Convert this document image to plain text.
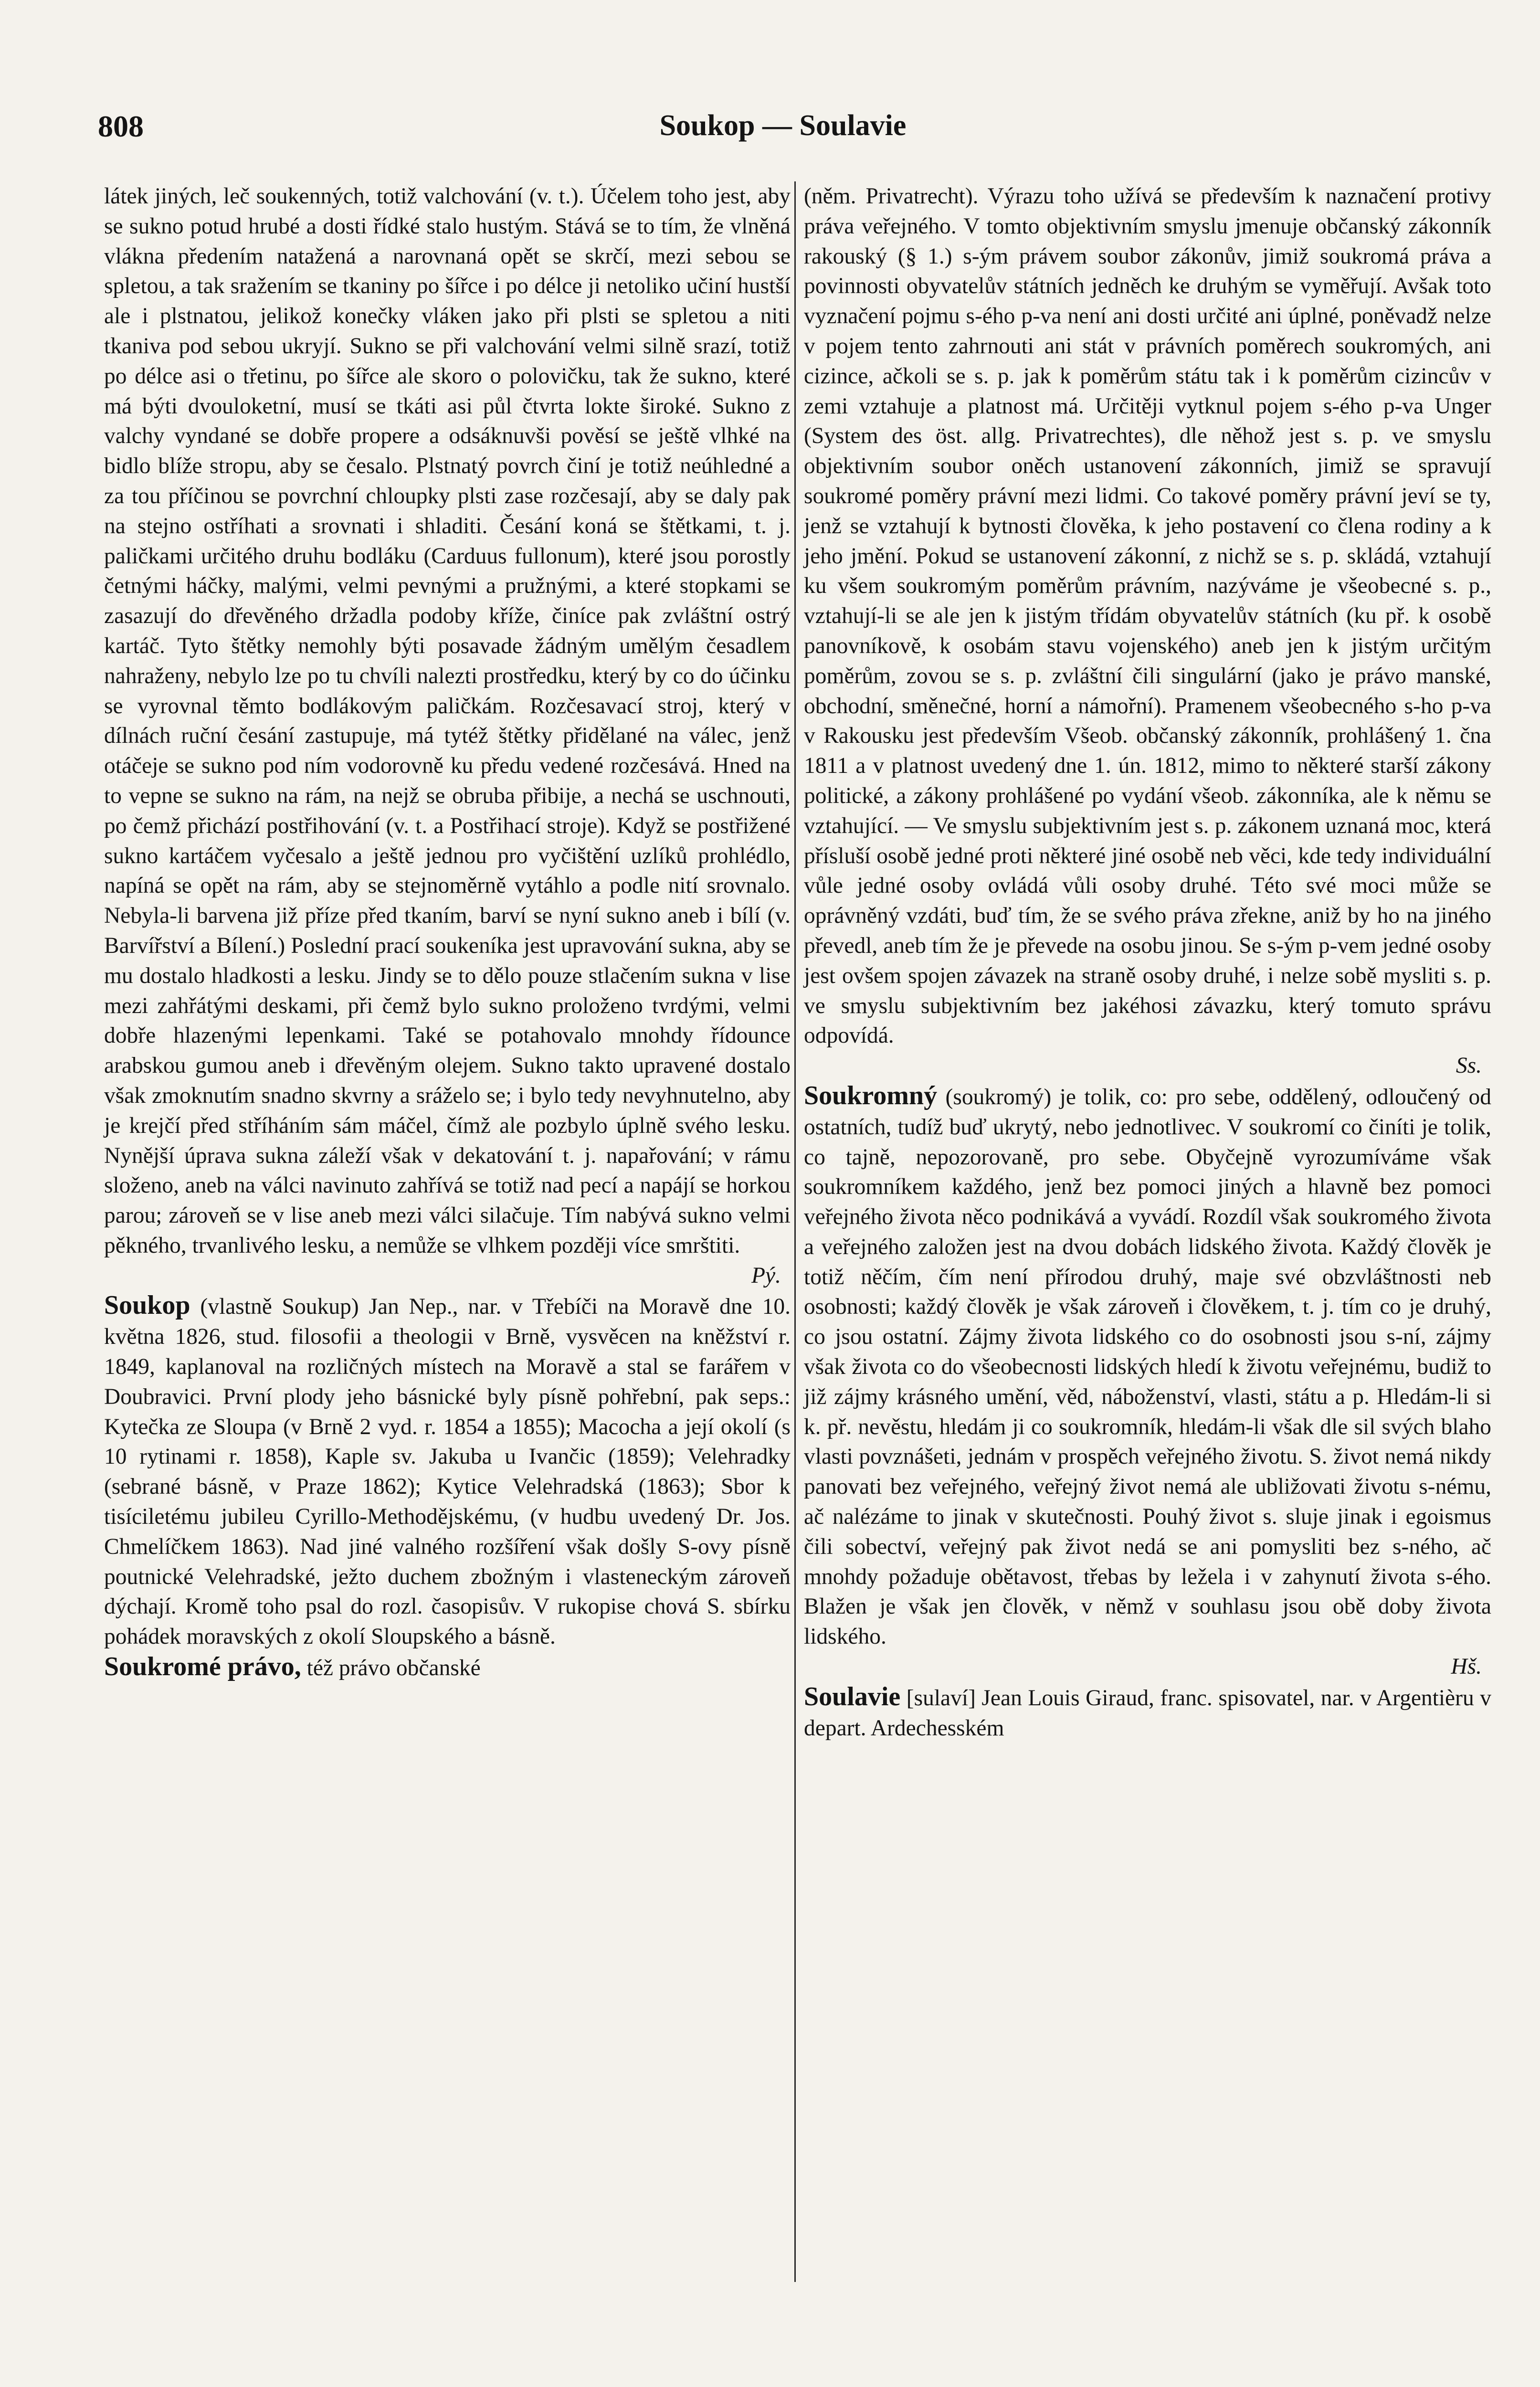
808	Soukop — Soulavie

látek jiných, leč soukenných, totiž valchování (v. t.). Účelem toho jest, aby se sukno potud hrubé a dosti řídké stalo hustým. Stává se to tím, že vlněná vlákna předením natažená a narovnaná opět se skrčí, mezi sebou se spletou, a tak sražením se tkaniny po šířce i po délce ji netoliko učiní hustší ale i plstnatou, jelikož konečky vláken jako při plsti se spletou a niti tkaniva pod sebou ukryjí. Sukno se při valchování velmi silně srazí, totiž po délce asi o třetinu, po šířce ale skoro o polovičku, tak že sukno, které má býti dvouloketní, musí se tkáti asi půl čtvrta lokte široké. Sukno z valchy vyndané se dobře propere a odsáknuvši pověsí se ještě vlhké na bidlo blíže stropu, aby se česalo. Plstnatý povrch činí je totiž neúhledné a za tou příčinou se povrchní chloupky plsti zase rozčesají, aby se daly pak na stejno ostříhati a srovnati i shladiti. Česání koná se štětkami, t. j. paličkami určitého druhu bodláku (Carduus fullonum), které jsou porostly četnými háčky, malými, velmi pevnými a pružnými, a které stopkami se zasazují do dřevěného držadla podoby kříže, činíce pak zvláštní ostrý kartáč. Tyto štětky nemohly býti posavade žádným umělým česadlem nahraženy, nebylo lze po tu chvíli nalezti prostředku, který by co do účinku se vyrovnal těmto bodlákovým paličkám. Rozčesavací stroj, který v dílnách ruční česání zastupuje, má tytéž štětky přidělané na válec, jenž otáčeje se sukno pod ním vodorovně ku předu vedené rozčesává. Hned na to vepne se sukno na rám, na nejž se obruba přibije, a nechá se uschnouti, po čemž přichází postřihování (v. t. a Postřihací stroje). Když se postřižené sukno kartáčem vyčesalo a ještě jednou pro vyčištění uzlíků prohlédlo, napíná se opět na rám, aby se stejnoměrně vytáhlo a podle nití srovnalo. Nebyla-li barvena již příze před tkaním, barví se nyní sukno aneb i bílí (v. Barvířství a Bílení.) Poslední prací soukeníka jest upravování sukna, aby se mu dostalo hladkosti a lesku. Jindy se to dělo pouze stlačením sukna v lise mezi zahřátými deskami, při čemž bylo sukno proloženo tvrdými, velmi dobře hlazenými lepenkami. Také se potahovalo mnohdy řídounce arabskou gumou aneb i dřevěným olejem. Sukno takto upravené dostalo však zmoknutím snadno skvrny a sráželo se; i bylo tedy nevyhnutelno, aby je krejčí před stříháním sám máčel, čímž ale pozbylo úplně svého lesku. Nynější úprava sukna záleží však v dekatování t. j. napařování; v rámu složeno, aneb na válci navinuto zahřívá se totiž nad pecí a napájí se horkou parou; zároveň se v lise aneb mezi válci silačuje. Tím nabývá sukno velmi pěkného, trvanlivého lesku, a nemůže se vlhkem později více smrštiti.
Pý.

Soukop (vlastně Soukup) Jan Nep., nar. v Třebíči na Moravě dne 10. května 1826, stud. filosofii a theologii v Brně, vysvěcen na kněžství r. 1849, kaplanoval na rozličných místech na Moravě a stal se farářem v Doubravici. První plody jeho básnické byly písně pohřební, pak seps.: Kytečka ze Sloupa (v Brně 2 vyd. r. 1854 a 1855); Macocha a její okolí (s 10 rytinami r. 1858), Kaple sv. Jakuba u Ivančic (1859); Velehradky (sebrané básně, v Praze 1862); Kytice Velehradská (1863); Sbor k tisíciletému jubileu Cyrillo-Methodějskému, (v hudbu uvedený Dr. Jos. Chmelíčkem 1863). Nad jiné valného rozšíření však došly S-ovy písně poutnické Velehradské, ježto duchem zbožným i vlasteneckým zároveň dýchají. Kromě toho psal do rozl. časopisův. V rukopise chová S. sbírku pohádek moravských z okolí Sloupského a básně.

Soukromé právo, též právo občanské

(něm. Privatrecht). Výrazu toho užívá se především k naznačení protivy práva veřejného. V tomto objektivním smyslu jmenuje občanský zákonník rakouský (§ 1.) s-ým právem soubor zákonův, jimiž soukromá práva a povinnosti obyvatelův státních jedněch ke druhým se vyměřují. Avšak toto vyznačení pojmu s-ého p-va není ani dosti určité ani úplné, poněvadž nelze v pojem tento zahrnouti ani stát v právních poměrech soukromých, ani cizince, ačkoli se s. p. jak k poměrům státu tak i k poměrům cizincův v zemi vztahuje a platnost má. Určitěji vytknul pojem s-ého p-va Unger (System des öst. allg. Privatrechtes), dle něhož jest s. p. ve smyslu objektivním soubor oněch ustanovení zákonních, jimiž se spravují soukromé poměry právní mezi lidmi. Co takové poměry právní jeví se ty, jenž se vztahují k bytnosti člověka, k jeho postavení co člena rodiny a k jeho jmění. Pokud se ustanovení zákonní, z nichž se s. p. skládá, vztahují ku všem soukromým poměrům právním, nazýváme je všeobecné s. p., vztahují-li se ale jen k jistým třídám obyvatelův státních (ku př. k osobě panovníkově, k osobám stavu vojenského) aneb jen k jistým určitým poměrům, zovou se s. p. zvláštní čili singulární (jako je právo manské, obchodní, směnečné, horní a námořní). Pramenem všeobecného s-ho p-va v Rakousku jest především Všeob. občanský zákonník, prohlášený 1. čna 1811 a v platnost uvedený dne 1. ún. 1812, mimo to některé starší zákony politické, a zákony prohlášené po vydání všeob. zákonníka, ale k němu se vztahující. — Ve smyslu subjektivním jest s. p. zákonem uznaná moc, která přísluší osobě jedné proti některé jiné osobě neb věci, kde tedy individuální vůle jedné osoby ovládá vůli osoby druhé. Této své moci může se oprávněný vzdáti, buď tím, že se svého práva zřekne, aniž by ho na jiného převedl, aneb tím že je převede na osobu jinou. Se s-ým p-vem jedné osoby jest ovšem spojen závazek na straně osoby druhé, i nelze sobě mysliti s. p. ve smyslu subjektivním bez jakéhosi závazku, který tomuto správu odpovídá.
Ss.

Soukromný (soukromý) je tolik, co: pro sebe, oddělený, odloučený od ostatních, tudíž buď ukrytý, nebo jednotlivec. V soukromí co činíti je tolik, co tajně, nepozorovaně, pro sebe. Obyčejně vyrozumíváme však soukromníkem každého, jenž bez pomoci jiných a hlavně bez pomoci veřejného života něco podnikává a vyvádí. Rozdíl však soukromého života a veřejného založen jest na dvou dobách lidského života. Každý člověk je totiž něčím, čím není přírodou druhý, maje své obzvláštnosti neb osobnosti; každý člověk je však zároveň i člověkem, t. j. tím co je druhý, co jsou ostatní. Zájmy života lidského co do osobnosti jsou s-ní, zájmy však života co do všeobecnosti lidských hledí k životu veřejnému, budiž to již zájmy krásného umění, věd, náboženství, vlasti, státu a p. Hledám-li si k. př. nevěstu, hledám ji co soukromník, hledám-li však dle sil svých blaho vlasti povznášeti, jednám v prospěch veřejného životu. S. život nemá nikdy panovati bez veřejného, veřejný život nemá ale ubližovati životu s-nému, ač nalézáme to jinak v skutečnosti. Pouhý život s. sluje jinak i egoismus čili sobectví, veřejný pak život nedá se ani pomysliti bez s-ného, ač mnohdy požaduje obětavost, třebas by ležela i v zahynutí života s-ého. Blažen je však jen člověk, v němž v souhlasu jsou obě doby života lidského.
Hš.

Soulavie [sulaví] Jean Louis Giraud, franc. spisovatel, nar. v Argentièru v depart. Ardechesském
